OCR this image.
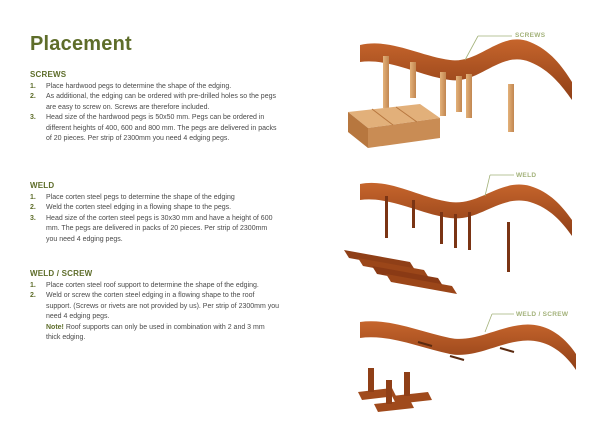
Placement
SCREWS
1. Place hardwood pegs to determine the shape of the edging.
2. As additional, the edging can be ordered with pre-drilled holes so the pegs are easy to screw on. Screws are therefore included.
3. Head size of the hardwood pegs is 50x50 mm. Pegs can be ordered in different heights of 400, 600 and 800 mm. The pegs are delivered in packs of 20 pieces. Per strip of 2300mm you need 4 edging pegs.
WELD
1. Place corten steel pegs to determine the shape of the edging
2. Weld the corten steel edging in a flowing shape to the pegs.
3. Head size of the corten steel pegs is 30x30 mm and have a height of 600 mm. The pegs are delivered in packs of 20 pieces. Per strip of 2300mm you need 4 edging pegs.
WELD / SCREW
1. Place corten steel roof support to determine the shape of the edging.
2. Weld or screw the corten steel edging in a flowing shape to the roof support. (Screws or rivets are not provided by us). Per strip of 2300mm you need 4 edging pegs.
Note! Roof supports can only be used in combination with 2 and 3 mm thick edging.
SCREWS
WELD
WELD / SCREW
